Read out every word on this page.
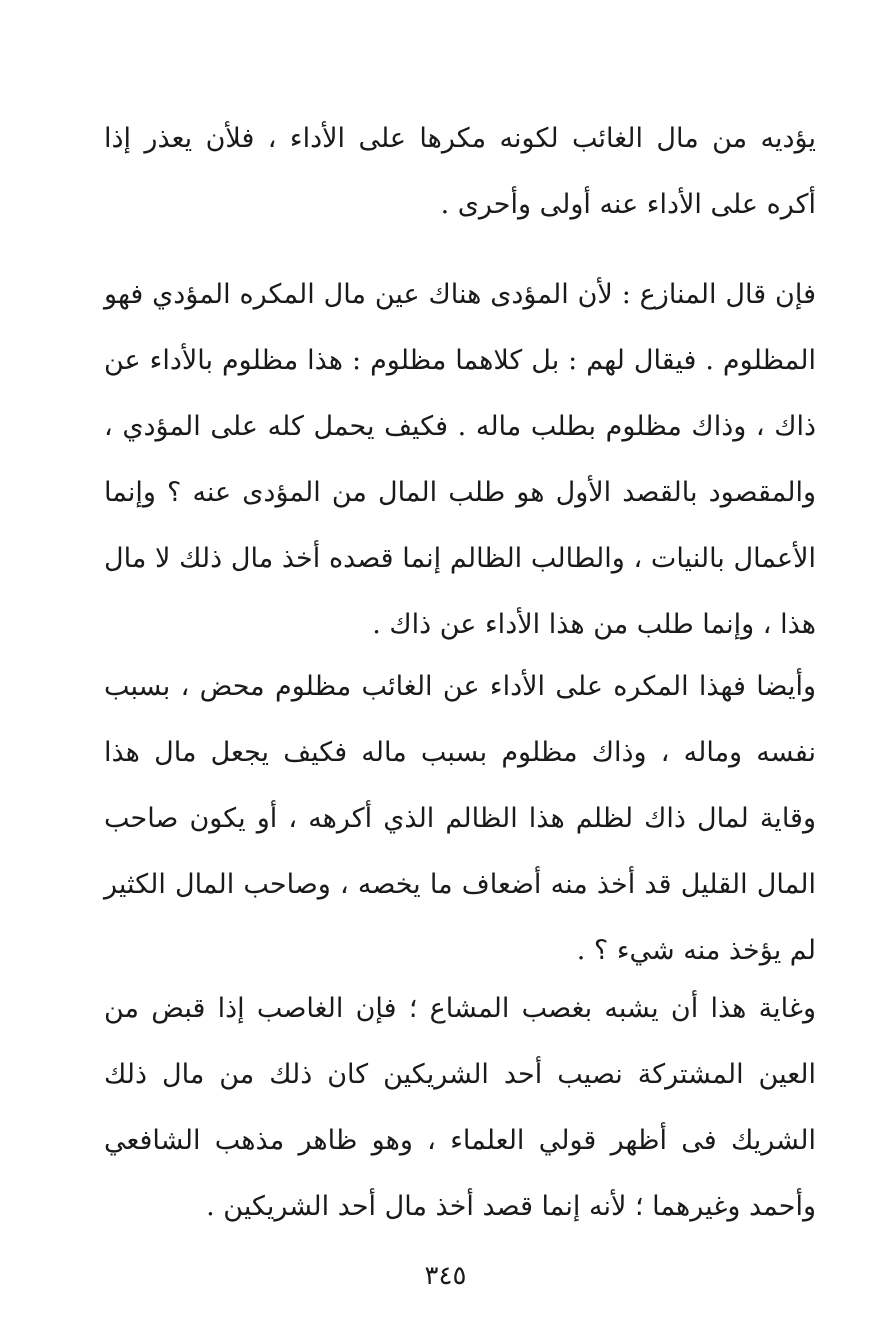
يؤديه من مال الغائب لكونه مكرها على الأداء ، فلأن يعذر إذا أكره على الأداء عنه أولى وأحرى .

فإن قال المنازع : لأن المؤدى هناك عين مال المكره المؤدي فهو المظلوم . فيقال لهم : بل كلاهما مظلوم : هذا مظلوم بالأداء عن ذاك ، وذاك مظلوم بطلب ماله . فكيف يحمل كله على المؤدي ، والمقصود بالقصد الأول هو طلب المال من المؤدى عنه ؟ وإنما الأعمال بالنيات ، والطالب الظالم إنما قصده أخذ مال ذلك لا مال هذا ، وإنما طلب من هذا الأداء عن ذاك .

وأيضا فهذا المكره على الأداء عن الغائب مظلوم محض ، بسبب نفسه وماله ، وذاك مظلوم بسبب ماله فكيف يجعل مال هذا وقاية لمال ذاك لظلم هذا الظالم الذي أكرهه ، أو يكون صاحب المال القليل قد أخذ منه أضعاف ما يخصه ، وصاحب المال الكثير لم يؤخذ منه شيء ؟ .

وغاية هذا أن يشبه بغصب المشاع ؛ فإن الغاصب إذا قبض من العين المشتركة نصيب أحد الشريكين كان ذلك من مال ذلك الشريك فى أظهر قولي العلماء ، وهو ظاهر مذهب الشافعي وأحمد وغيرهما ؛ لأنه إنما قصد أخذ مال أحد الشريكين .

٣٤٥
